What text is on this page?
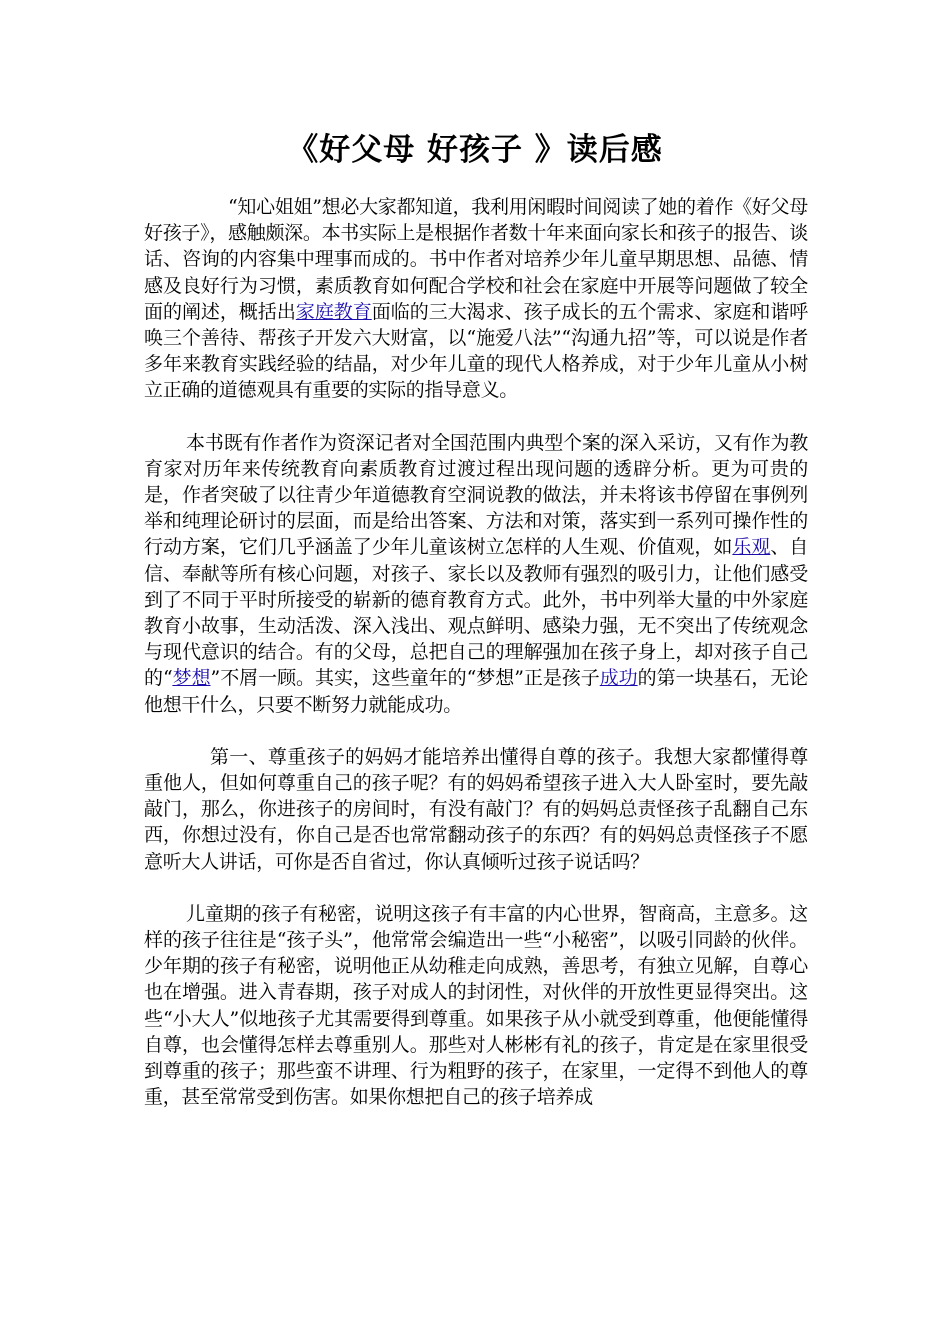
《好父母 好孩子 》读后感

“知心姐姐”想必大家都知道，我利用闲暇时间阅读了她的着作《好父母好孩子》，感触颇深。本书实际上是根据作者数十年来面向家长和孩子的报告、谈话、咨询的内容集中理事而成的。书中作者对培养少年儿童早期思想、品德、情感及良好行为习惯，素质教育如何配合学校和社会在家庭中开展等问题做了较全面的阐述，概括出家庭教育面临的三大渴求、孩子成长的五个需求、家庭和谐呼唤三个善待、帮孩子开发六大财富，以“施爱八法”“沟通九招”等，可以说是作者多年来教育实践经验的结晶，对少年儿童的现代人格养成，对于少年儿童从小树立正确的道德观具有重要的实际的指导意义。

本书既有作者作为资深记者对全国范围内典型个案的深入采访，又有作为教育家对历年来传统教育向素质教育过渡过程出现问题的透辟分析。更为可贵的是，作者突破了以往青少年道德教育空洞说教的做法，并未将该书停留在事例列举和纯理论研讨的层面，而是给出答案、方法和对策，落实到一系列可操作性的行动方案，它们几乎涵盖了少年儿童该树立怎样的人生观、价值观，如乐观、自信、奉献等所有核心问题，对孩子、家长以及教师有强烈的吸引力，让他们感受到了不同于平时所接受的崭新的德育教育方式。此外，书中列举大量的中外家庭教育小故事，生动活泼、深入浅出、观点鲜明、感染力强，无不突出了传统观念与现代意识的结合。有的父母，总把自己的理解强加在孩子身上，却对孩子自己的“梦想”不屑一顾。其实，这些童年的“梦想”正是孩子成功的第一块基石，无论他想干什么，只要不断努力就能成功。

第一、尊重孩子的妈妈才能培养出懂得自尊的孩子。我想大家都懂得尊重他人，但如何尊重自己的孩子呢？有的妈妈希望孩子进入大人卧室时，要先敲敲门，那么，你进孩子的房间时，有没有敲门？有的妈妈总责怪孩子乱翻自己东西，你想过没有，你自己是否也常常翻动孩子的东西？有的妈妈总责怪孩子不愿意听大人讲话，可你是否自省过，你认真倾听过孩子说话吗？

儿童期的孩子有秘密，说明这孩子有丰富的内心世界，智商高，主意多。这样的孩子往往是“孩子头”，他常常会编造出一些“小秘密”，以吸引同龄的伙伴。少年期的孩子有秘密，说明他正从幼稚走向成熟，善思考，有独立见解，自尊心也在增强。进入青春期，孩子对成人的封闭性，对伙伴的开放性更显得突出。这些“小大人”似地孩子尤其需要得到尊重。如果孩子从小就受到尊重，他便能懂得自尊，也会懂得怎样去尊重别人。那些对人彬彬有礼的孩子，肯定是在家里很受到尊重的孩子；那些蛮不讲理、行为粗野的孩子，在家里，一定得不到他人的尊重，甚至常常受到伤害。如果你想把自己的孩子培养成
